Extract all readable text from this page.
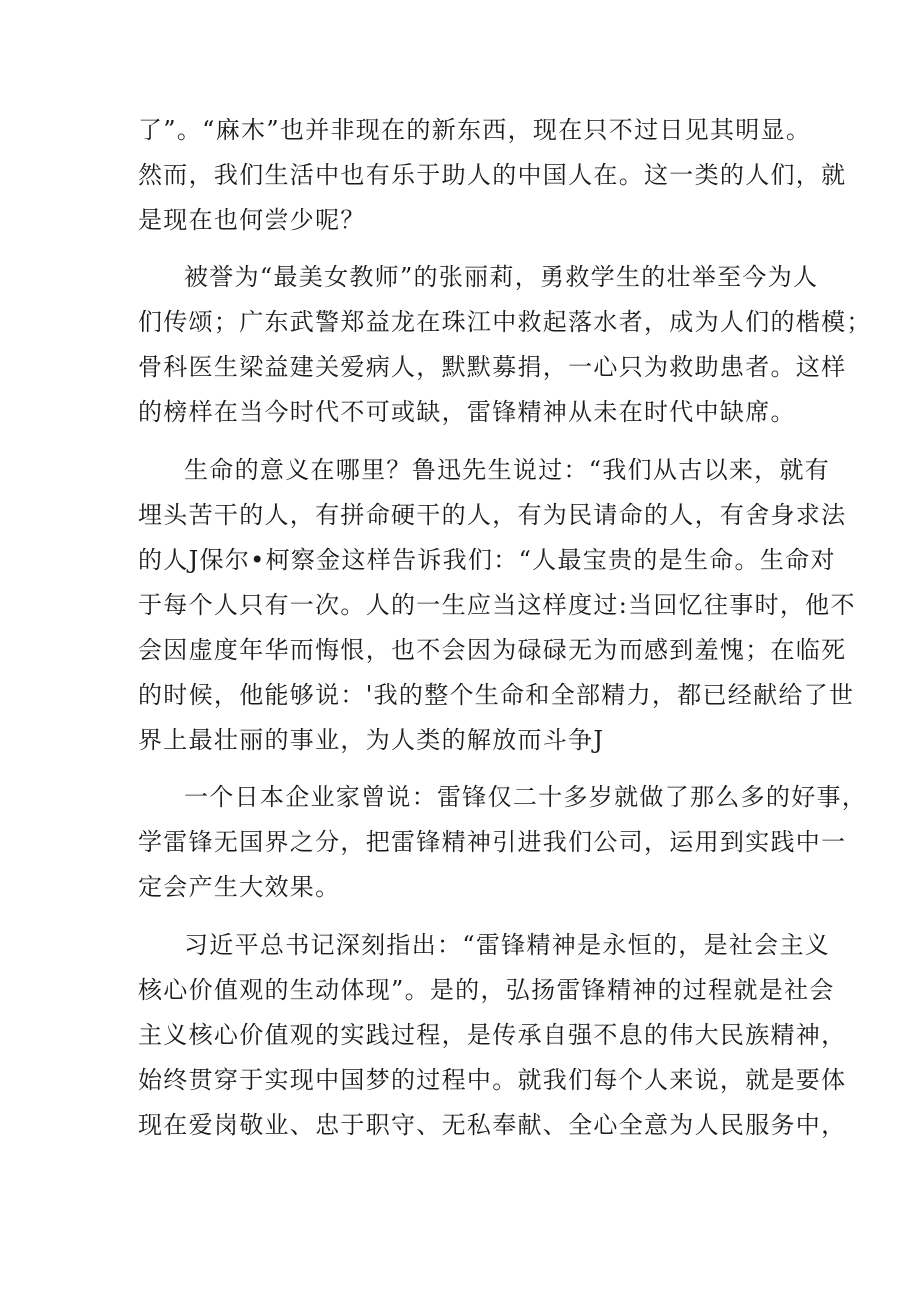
了”。“麻木”也并非现在的新东西，现在只不过日见其明显。
然而，我们生活中也有乐于助人的中国人在。这一类的人们，就
是现在也何尝少呢？
被誉为“最美女教师”的张丽莉，勇救学生的壮举至今为人
们传颂；广东武警郑益龙在珠江中救起落水者，成为人们的楷模；
骨科医生梁益建关爱病人，默默募捐，一心只为救助患者。这样
的榜样在当今时代不可或缺，雷锋精神从未在时代中缺席。
生命的意义在哪里？鲁迅先生说过：“我们从古以来，就有
埋头苦干的人，有拼命硬干的人，有为民请命的人，有舍身求法
的人J保尔•柯察金这样告诉我们：“人最宝贵的是生命。生命对
于每个人只有一次。人的一生应当这样度过:当回忆往事时，他不
会因虚度年华而悔恨，也不会因为碌碌无为而感到羞愧；在临死
的时候，他能够说：'我的整个生命和全部精力，都已经献给了世
界上最壮丽的事业，为人类的解放而斗争J
一个日本企业家曾说：雷锋仅二十多岁就做了那么多的好事，
学雷锋无国界之分，把雷锋精神引进我们公司，运用到实践中一
定会产生大效果。
习近平总书记深刻指出：“雷锋精神是永恒的，是社会主义
核心价值观的生动体现”。是的，弘扬雷锋精神的过程就是社会
主义核心价值观的实践过程，是传承自强不息的伟大民族精神，
始终贯穿于实现中国梦的过程中。就我们每个人来说，就是要体
现在爱岗敬业、忠于职守、无私奉献、全心全意为人民服务中，
